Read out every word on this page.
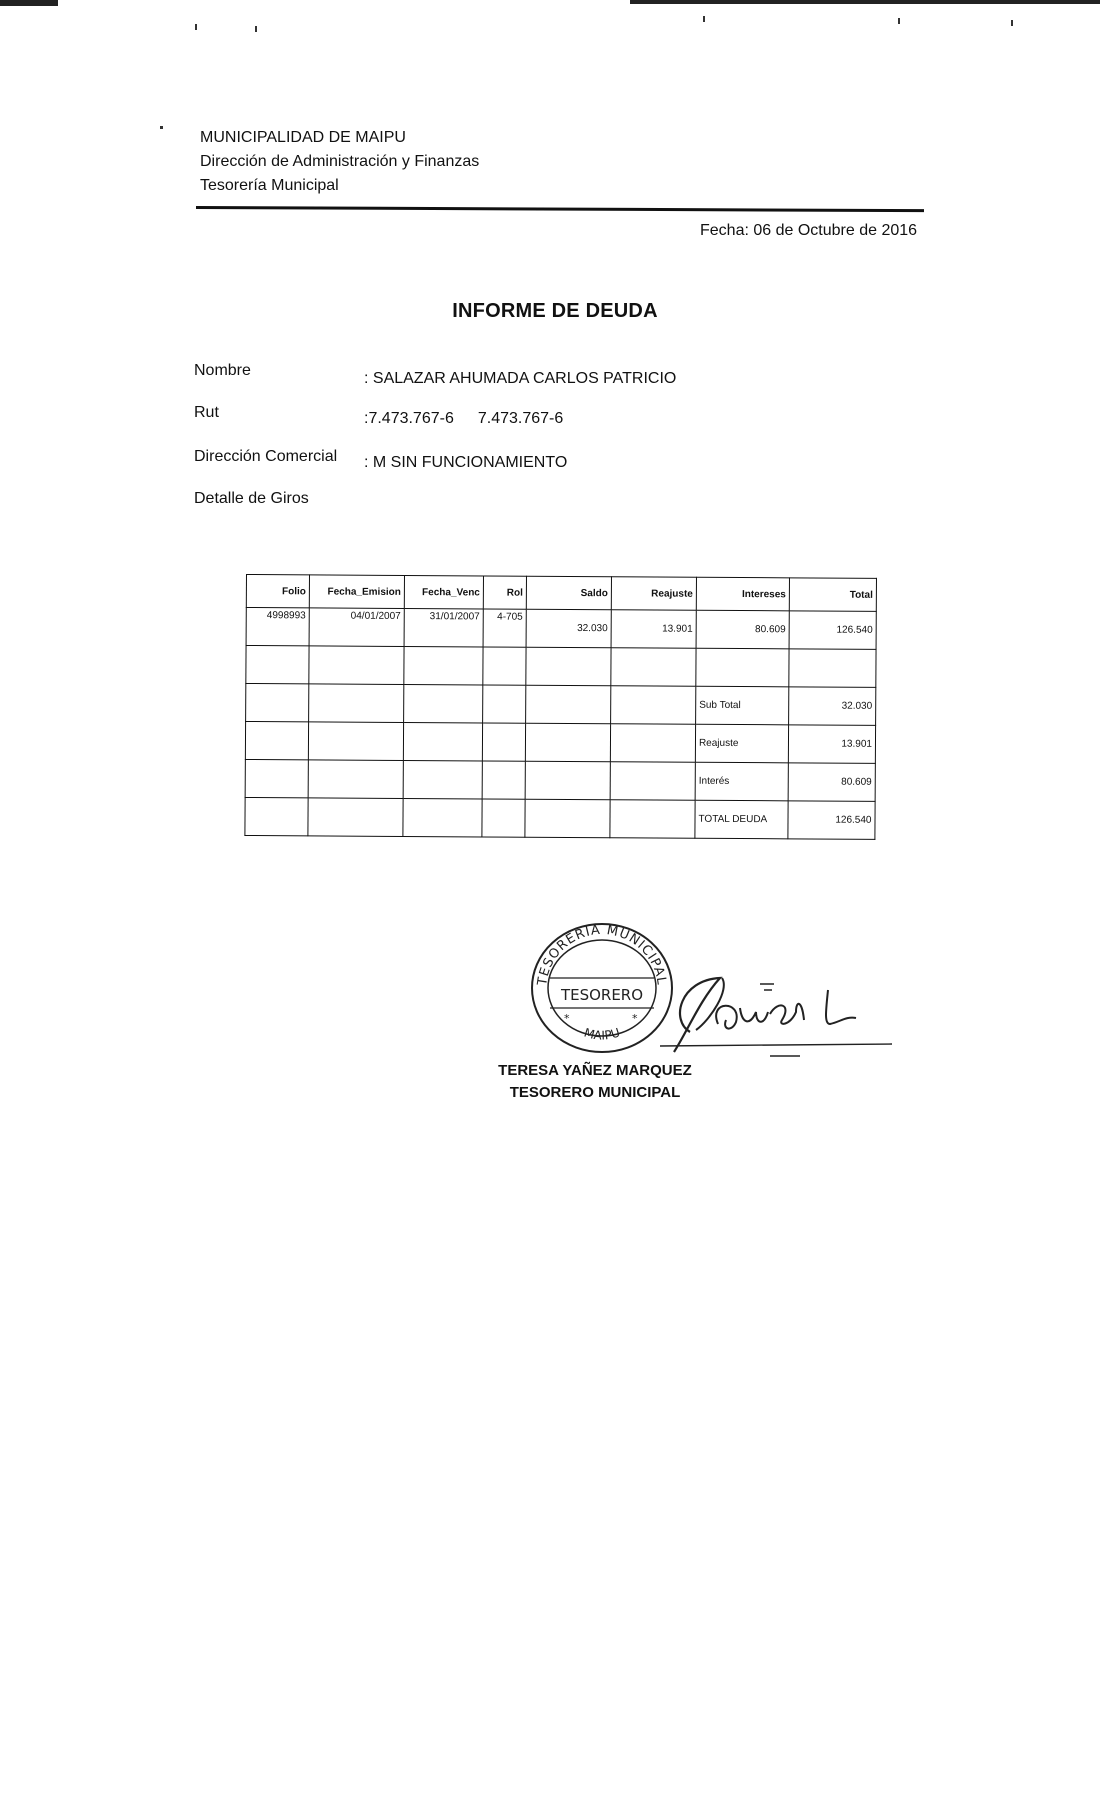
MUNICIPALIDAD DE MAIPU
Dirección de Administración y Finanzas
Tesorería Municipal
Fecha: 06 de Octubre de 2016
INFORME DE DEUDA
Nombre	: SALAZAR AHUMADA CARLOS PATRICIO
Rut	:7.473.767-6 7.473.767-6
Dirección Comercial : M SIN FUNCIONAMIENTO
Detalle de Giros
Folio	Fecha_Emision	Fecha_Venc	Rol	Saldo	Reajuste	Intereses	Total
4998993	04/01/2007	31/01/2007	4-705	32.030	13.901	80.609	126.540

						Sub Total	32.030
						Reajuste	13.901
						Interés	80.609
						TOTAL DEUDA	126.540
TESORERIA MUNICIPAL
TESORERO
*	*
MAIPU
TERESA YAÑEZ MARQUEZ
TESORERO MUNICIPAL
